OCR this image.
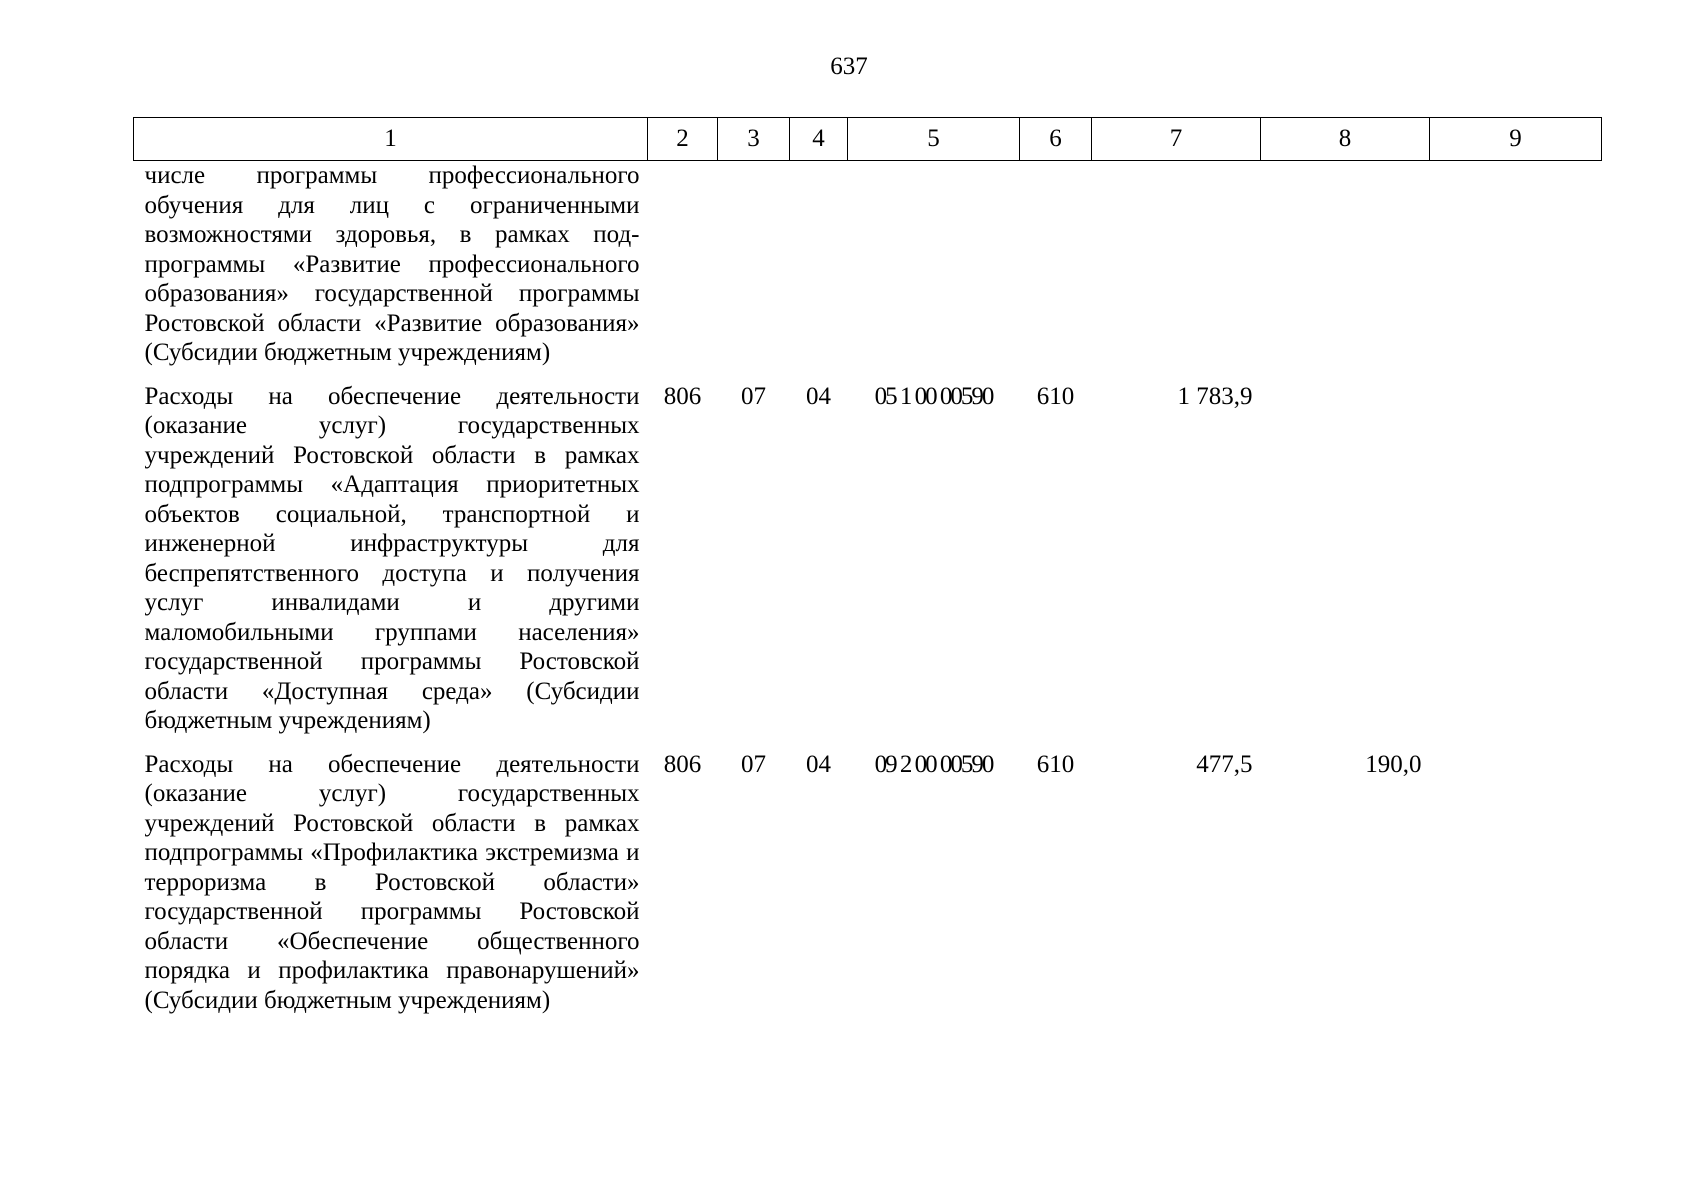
637
1	2	3	4	5	6	7	8	9
числе программы профессионального обучения для лиц с ограниченными возможностями здоровья, в рамках подпрограммы «Развитие профессионального образования» государственной программы Ростовской области «Развитие образования» (Субсидии бюджетным учреждениям)								
Расходы на обеспечение деятельности (оказание услуг) государственных учреждений Ростовской области в рамках подпрограммы «Адаптация приоритетных объектов социальной, транспортной и инженерной инфраструктуры для беспрепятственного доступа и получения услуг инвалидами и другими маломобильными группами населения» государственной программы Ростовской области «Доступная среда» (Субсидии бюджетным учреждениям)	806	07	04	05 1 00 00590	610	1 783,9		
Расходы на обеспечение деятельности (оказание услуг) государственных учреждений Ростовской области в рамках подпрограммы «Профилактика экстремизма и терроризма в Ростовской области» государственной программы Ростовской области «Обеспечение общественного порядка и профилактика правонарушений» (Субсидии бюджетным учреждениям)	806	07	04	09 2 00 00590	610	477,5	190,0	
